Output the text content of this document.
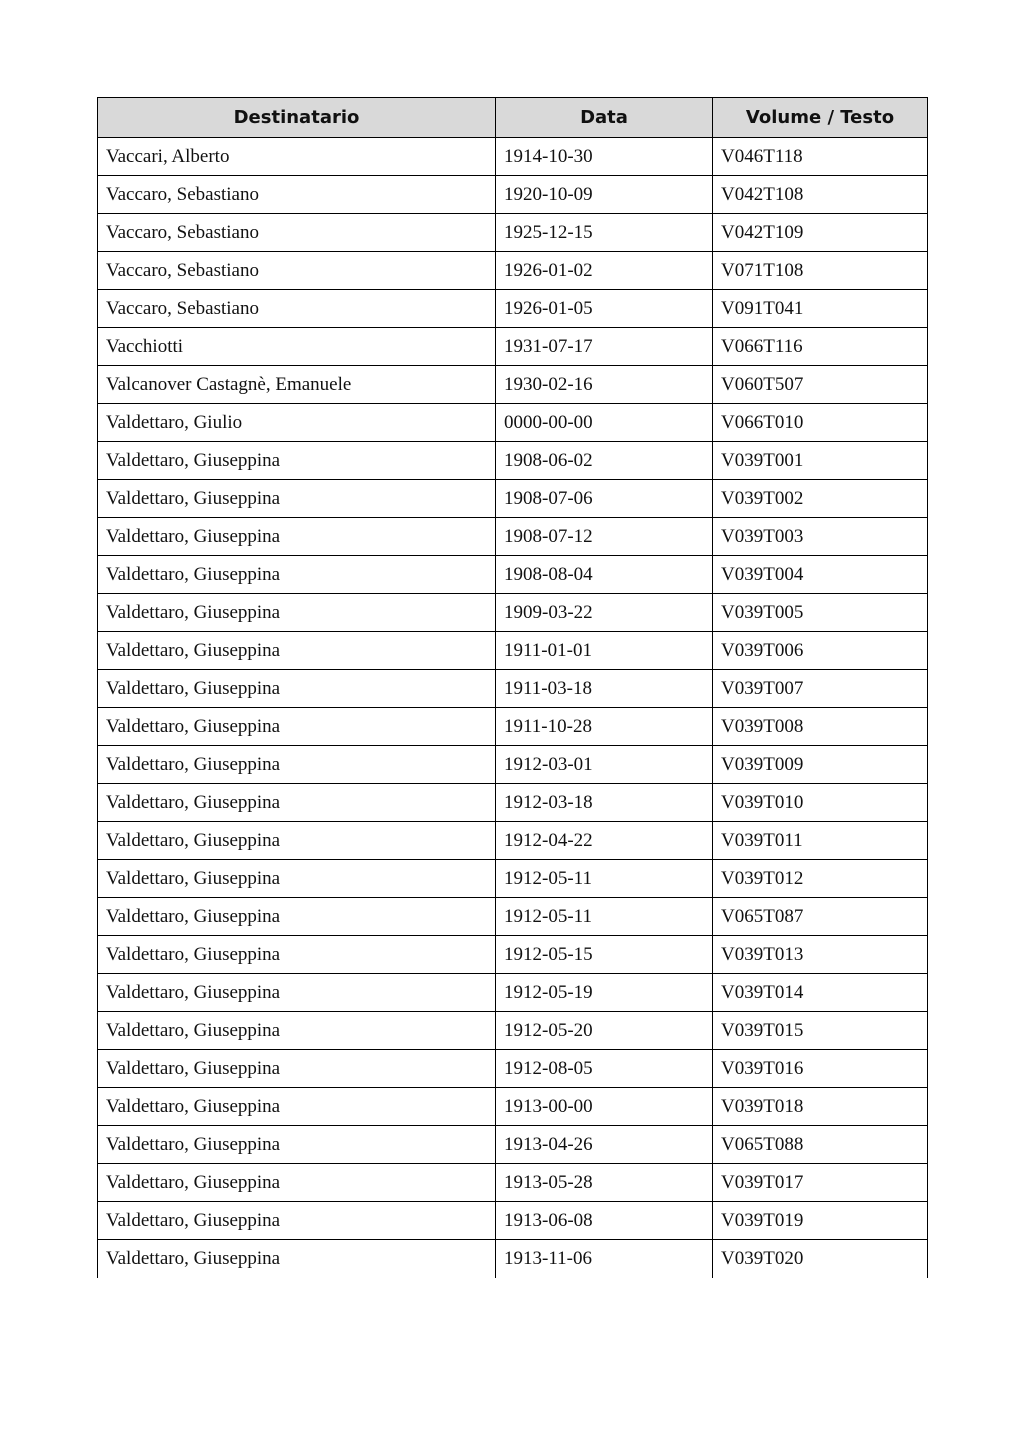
Destinatario	Data	Volume / Testo
Vaccari, Alberto	1914-10-30	V046T118
Vaccaro, Sebastiano	1920-10-09	V042T108
Vaccaro, Sebastiano	1925-12-15	V042T109
Vaccaro, Sebastiano	1926-01-02	V071T108
Vaccaro, Sebastiano	1926-01-05	V091T041
Vacchiotti	1931-07-17	V066T116
Valcanover Castagnè, Emanuele	1930-02-16	V060T507
Valdettaro, Giulio	0000-00-00	V066T010
Valdettaro, Giuseppina	1908-06-02	V039T001
Valdettaro, Giuseppina	1908-07-06	V039T002
Valdettaro, Giuseppina	1908-07-12	V039T003
Valdettaro, Giuseppina	1908-08-04	V039T004
Valdettaro, Giuseppina	1909-03-22	V039T005
Valdettaro, Giuseppina	1911-01-01	V039T006
Valdettaro, Giuseppina	1911-03-18	V039T007
Valdettaro, Giuseppina	1911-10-28	V039T008
Valdettaro, Giuseppina	1912-03-01	V039T009
Valdettaro, Giuseppina	1912-03-18	V039T010
Valdettaro, Giuseppina	1912-04-22	V039T011
Valdettaro, Giuseppina	1912-05-11	V039T012
Valdettaro, Giuseppina	1912-05-11	V065T087
Valdettaro, Giuseppina	1912-05-15	V039T013
Valdettaro, Giuseppina	1912-05-19	V039T014
Valdettaro, Giuseppina	1912-05-20	V039T015
Valdettaro, Giuseppina	1912-08-05	V039T016
Valdettaro, Giuseppina	1913-00-00	V039T018
Valdettaro, Giuseppina	1913-04-26	V065T088
Valdettaro, Giuseppina	1913-05-28	V039T017
Valdettaro, Giuseppina	1913-06-08	V039T019
Valdettaro, Giuseppina	1913-11-06	V039T020
